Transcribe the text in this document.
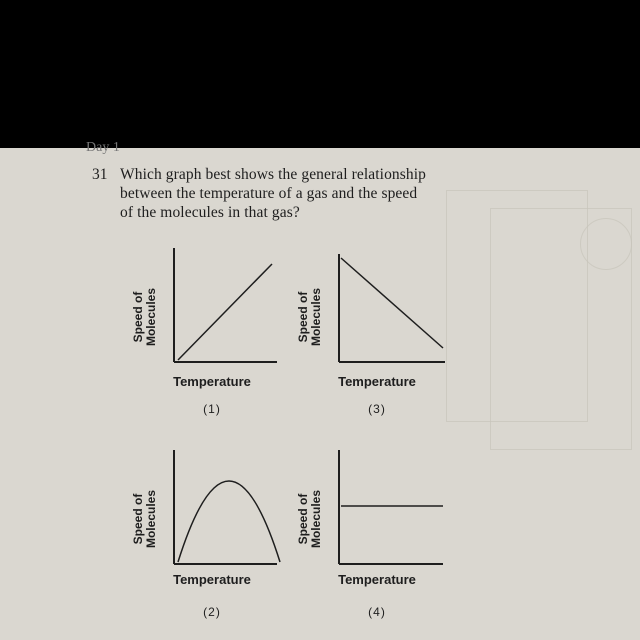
Day 1
31 Which graph best shows the general relationship
between the temperature of a gas and the speed
of the molecules in that gas?
Speed of
Molecules
Temperature
(1)
Speed of
Molecules
Temperature
(3)
Speed of
Molecules
Temperature
(2)
Speed of
Molecules
Temperature
(4)
